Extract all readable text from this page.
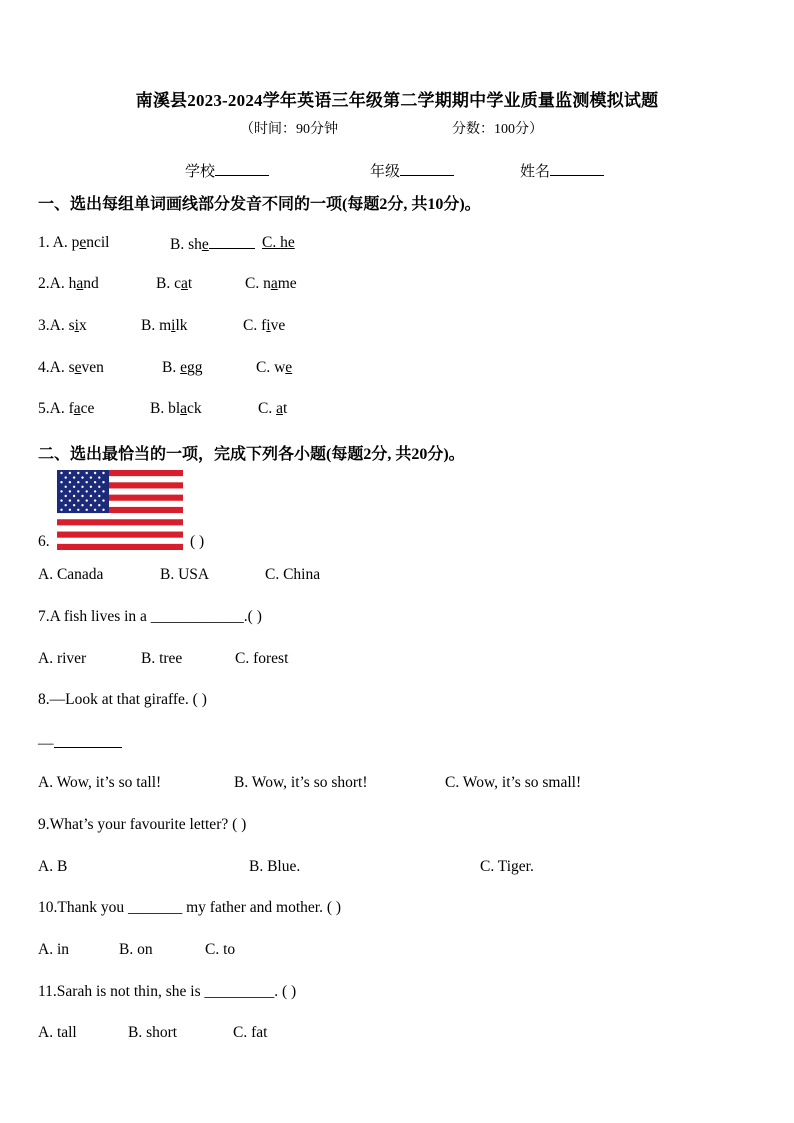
南溪县2023-2024学年英语三年级第二学期期中学业质量监测模拟试题
（时间：90分钟	分数：100分）
学校	年级	姓名
一、选出每组单词画线部分发音不同的一项(每题2分, 共10分)。
1. A. pencil	B. she	C. he
2.A. hand	B. cat	C. name
3.A. six	B. milk	C. five
4.A. seven	B. egg	C. we
5.A. face	B. black	C. at
二、选出最恰当的一项，完成下列各小题(每题2分, 共20分)。
6.	( )
A. Canada	B. USA	C. China
7.A fish lives in a ____________.( )
A. river	B. tree	C. forest
8.—Look at that giraffe. ( )
—
A. Wow, it’s so tall!	B. Wow, it’s so short!	C. Wow, it’s so small!
9.What’s your favourite letter? ( )
A. B	B. Blue.	C. Tiger.
10.Thank you _______ my father and mother. ( )
A. in	B. on	C. to
11.Sarah is not thin, she is _________. ( )
A. tall	B. short	C. fat
